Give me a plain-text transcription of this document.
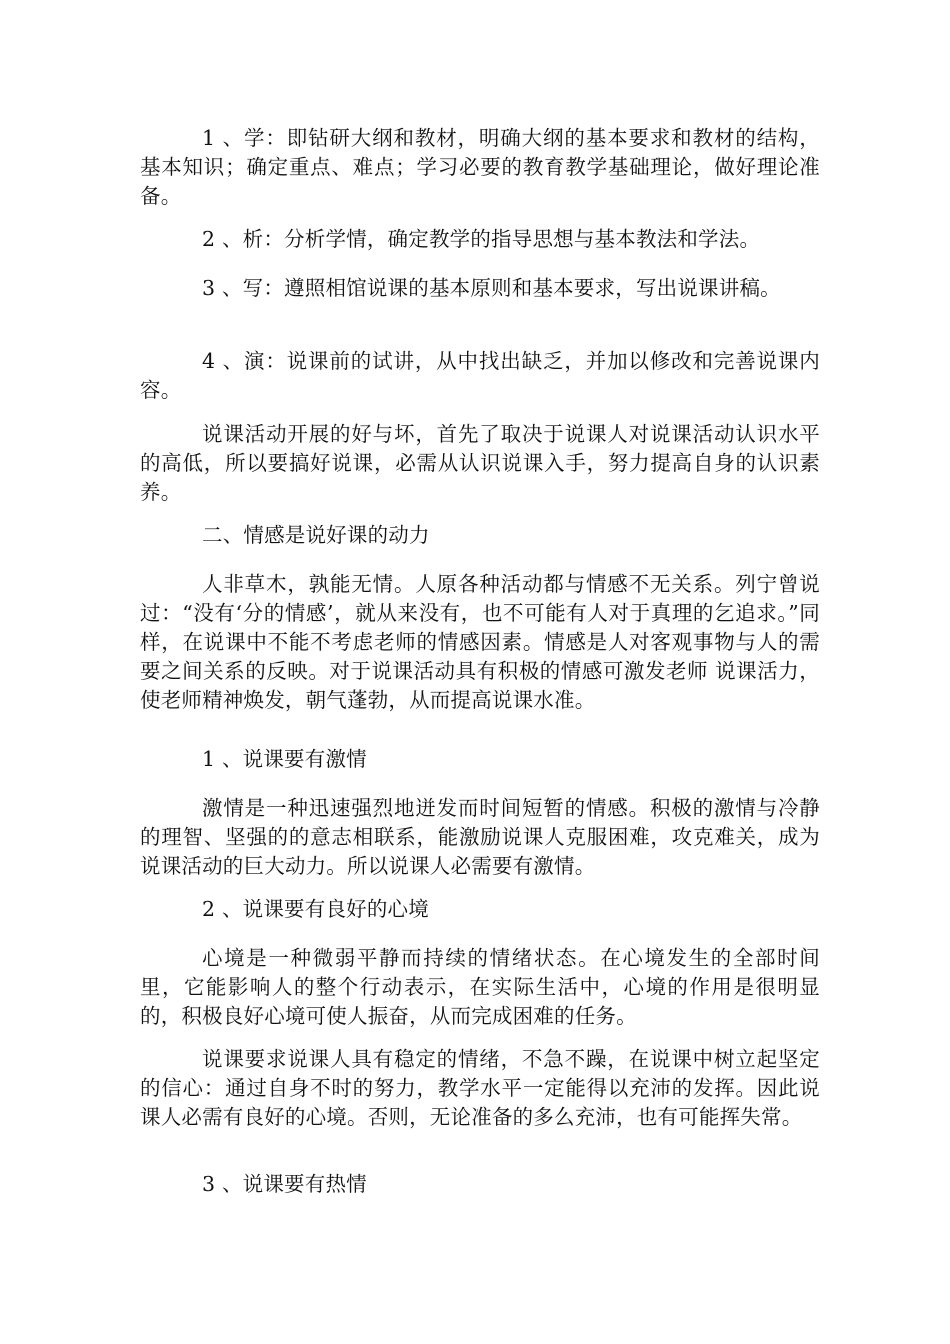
1 、学：即钻研大纲和教材，明确大纲的基本要求和教材的结构，基本知识；确定重点、难点；学习必要的教育教学基础理论，做好理论准备。

2 、析：分析学情，确定教学的指导思想与基本教法和学法。

3 、写：遵照相馆说课的基本原则和基本要求，写出说课讲稿。

4 、演：说课前的试讲，从中找出缺乏，并加以修改和完善说课内容。

说课活动开展的好与坏，首先了取决于说课人对说课活动认识水平的高低，所以要搞好说课，必需从认识说课入手，努力提高自身的认识素养。

二、情感是说好课的动力

人非草木，孰能无情。人原各种活动都与情感不无关系。列宁曾说过：“没有‘分的情感’，就从来没有，也不可能有人对于真理的乞追求。”同样，在说课中不能不考虑老师的情感因素。情感是人对客观事物与人的需要之间关系的反映。对于说课活动具有积极的情感可激发老师 说课活力，使老师精神焕发，朝气蓬勃，从而提高说课水准。

1 、说课要有激情

激情是一种迅速强烈地迸发而时间短暂的情感。积极的激情与冷静的理智、坚强的的意志相联系，能激励说课人克服困难，攻克难关，成为说课活动的巨大动力。所以说课人必需要有激情。

2 、说课要有良好的心境

心境是一种微弱平静而持续的情绪状态。在心境发生的全部时间里，它能影响人的整个行动表示，在实际生活中，心境的作用是很明显的，积极良好心境可使人振奋，从而完成困难的任务。

说课要求说课人具有稳定的情绪，不急不躁，在说课中树立起坚定的信心：通过自身不时的努力，教学水平一定能得以充沛的发挥。因此说课人必需有良好的心境。否则，无论准备的多么充沛，也有可能挥失常。

3 、说课要有热情
